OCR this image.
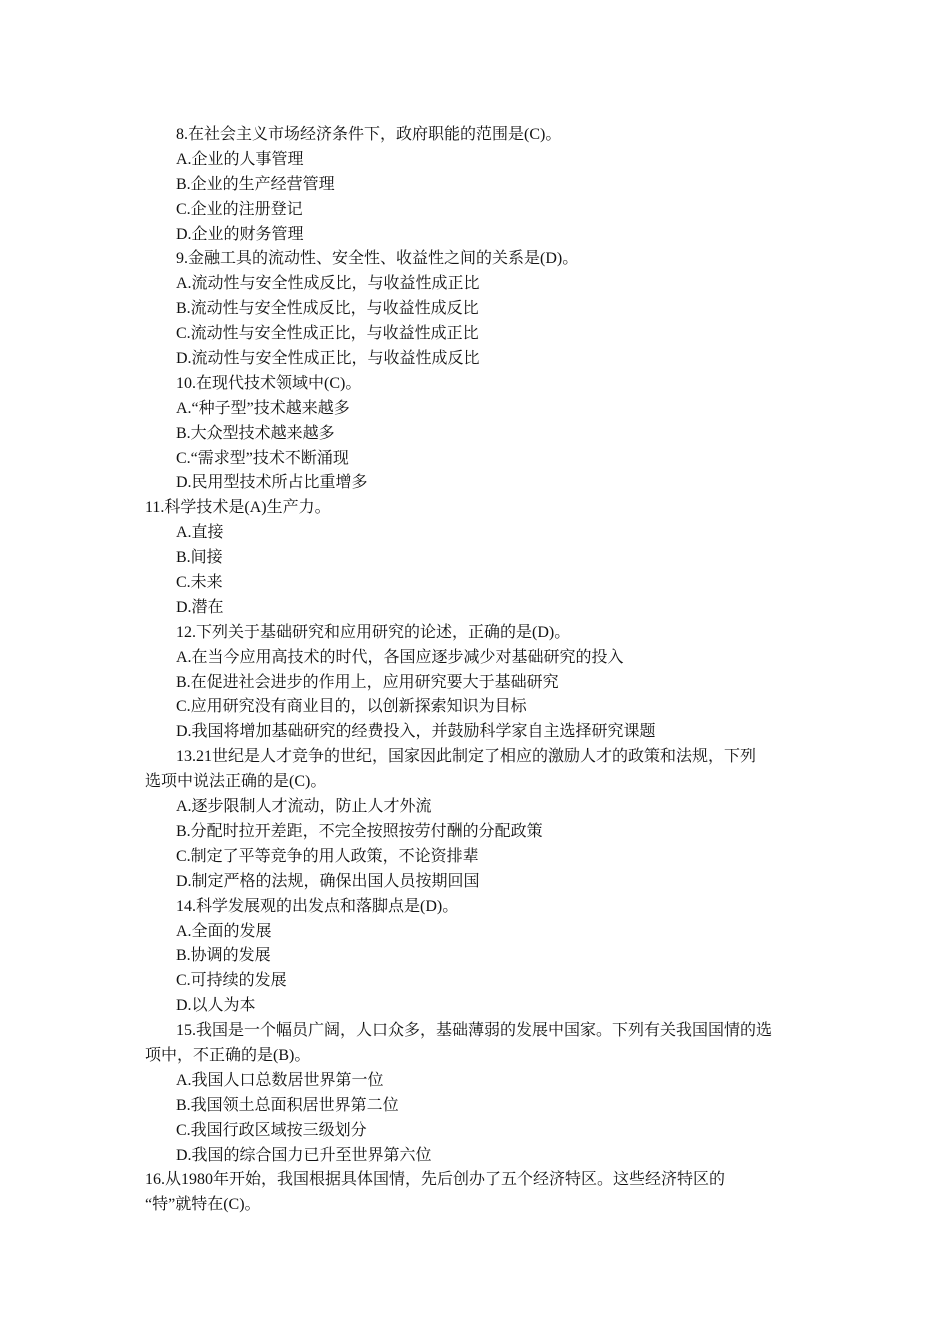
8.在社会主义市场经济条件下，政府职能的范围是(C)。
A.企业的人事管理
B.企业的生产经营管理
C.企业的注册登记
D.企业的财务管理
9.金融工具的流动性、安全性、收益性之间的关系是(D)。
A.流动性与安全性成反比，与收益性成正比
B.流动性与安全性成反比，与收益性成反比
C.流动性与安全性成正比，与收益性成正比
D.流动性与安全性成正比，与收益性成反比
10.在现代技术领域中(C)。
A.“种子型”技术越来越多
B.大众型技术越来越多
C.“需求型”技术不断涌现
D.民用型技术所占比重增多
11.科学技术是(A)生产力。
A.直接
B.间接
C.未来
D.潜在
12.下列关于基础研究和应用研究的论述，正确的是(D)。
A.在当今应用高技术的时代，各国应逐步减少对基础研究的投入
B.在促进社会进步的作用上，应用研究要大于基础研究
C.应用研究没有商业目的，以创新探索知识为目标
D.我国将增加基础研究的经费投入，并鼓励科学家自主选择研究课题
13.21世纪是人才竞争的世纪，国家因此制定了相应的激励人才的政策和法规，下列
选项中说法正确的是(C)。
A.逐步限制人才流动，防止人才外流
B.分配时拉开差距，不完全按照按劳付酬的分配政策
C.制定了平等竞争的用人政策，不论资排辈
D.制定严格的法规，确保出国人员按期回国
14.科学发展观的出发点和落脚点是(D)。
A.全面的发展
B.协调的发展
C.可持续的发展
D.以人为本
15.我国是一个幅员广阔，人口众多，基础薄弱的发展中国家。下列有关我国国情的选
项中，不正确的是(B)。
A.我国人口总数居世界第一位
B.我国领土总面积居世界第二位
C.我国行政区域按三级划分
D.我国的综合国力已升至世界第六位
16.从1980年开始，我国根据具体国情，先后创办了五个经济特区。这些经济特区的
“特”就特在(C)。
